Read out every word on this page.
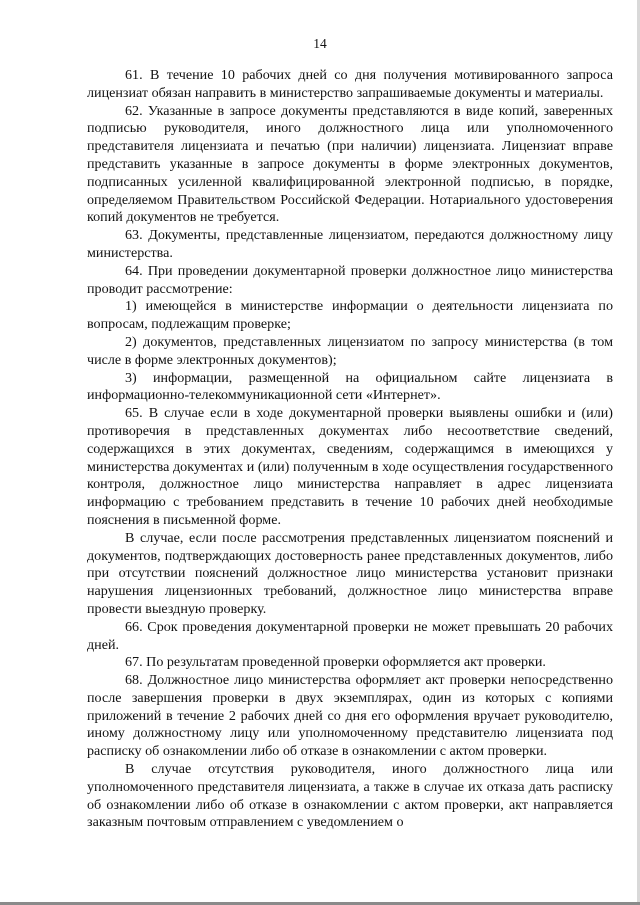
14

61. В течение 10 рабочих дней со дня получения мотивированного запроса лицензиат обязан направить в министерство запрашиваемые документы и материалы.

62. Указанные в запросе документы представляются в виде копий, заверенных подписью руководителя, иного должностного лица или уполномоченного представителя лицензиата и печатью (при наличии) лицензиата. Лицензиат вправе представить указанные в запросе документы в форме электронных документов, подписанных усиленной квалифицированной электронной подписью, в порядке, определяемом Правительством Российской Федерации. Нотариального удостоверения копий документов не требуется.

63. Документы, представленные лицензиатом, передаются должностному лицу министерства.

64. При проведении документарной проверки должностное лицо министерства проводит рассмотрение:

1) имеющейся в министерстве информации о деятельности лицензиата по вопросам, подлежащим проверке;

2) документов, представленных лицензиатом по запросу министерства (в том числе в форме электронных документов);

3) информации, размещенной на официальном сайте лицензиата в информационно-телекоммуникационной сети «Интернет».

65. В случае если в ходе документарной проверки выявлены ошибки и (или) противоречия в представленных документах либо несоответствие сведений, содержащихся в этих документах, сведениям, содержащимся в имеющихся у министерства документах и (или) полученным в ходе осуществления государственного контроля, должностное лицо министерства направляет в адрес лицензиата информацию с требованием представить в течение 10 рабочих дней необходимые пояснения в письменной форме.

В случае, если после рассмотрения представленных лицензиатом пояснений и документов, подтверждающих достоверность ранее представленных документов, либо при отсутствии пояснений должностное лицо министерства установит признаки нарушения лицензионных требований, должностное лицо министерства вправе провести выездную проверку.

66. Срок проведения документарной проверки не может превышать 20 рабочих дней.

67. По результатам проведенной проверки оформляется акт проверки.

68. Должностное лицо министерства оформляет акт проверки непосредственно после завершения проверки в двух экземплярах, один из которых с копиями приложений в течение 2 рабочих дней со дня его оформления вручает руководителю, иному должностному лицу или уполномоченному представителю лицензиата под расписку об ознакомлении либо об отказе в ознакомлении с актом проверки.

В случае отсутствия руководителя, иного должностного лица или уполномоченного представителя лицензиата, а также в случае их отказа дать расписку об ознакомлении либо об отказе в ознакомлении с актом проверки, акт направляется заказным почтовым отправлением с уведомлением о
